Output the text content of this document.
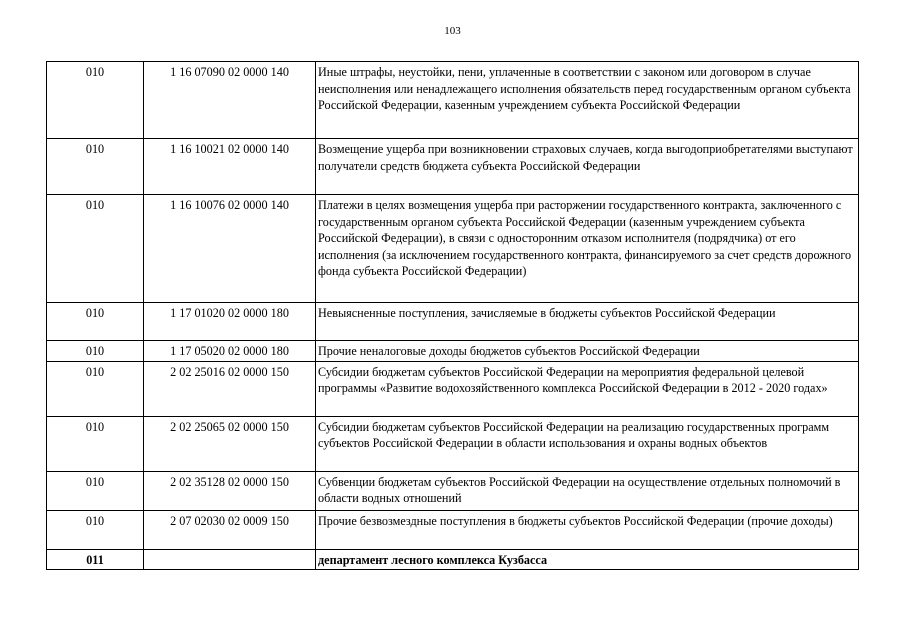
103
010	1 16 07090 02 0000 140	Иные штрафы, неустойки, пени, уплаченные в соответствии с законом или договором в случае неисполнения или ненадлежащего исполнения обязательств перед государственным органом субъекта Российской Федерации, казенным учреждением субъекта Российской Федерации
010	1 16 10021 02 0000 140	Возмещение ущерба при возникновении страховых случаев, когда выгодоприобретателями выступают получатели средств бюджета субъекта Российской Федерации
010	1 16 10076 02 0000 140	Платежи в целях возмещения ущерба при расторжении государственного контракта, заключенного с государственным органом субъекта Российской Федерации (казенным учреждением субъекта Российской Федерации), в связи с односторонним отказом исполнителя (подрядчика) от его исполнения (за исключением государственного контракта, финансируемого за счет средств дорожного фонда субъекта Российской Федерации)
010	1 17 01020 02 0000 180	Невыясненные поступления, зачисляемые в бюджеты субъектов Российской Федерации
010	1 17 05020 02 0000 180	Прочие неналоговые доходы бюджетов субъектов Российской Федерации
010	2 02 25016 02 0000 150	Субсидии бюджетам субъектов Российской Федерации на мероприятия федеральной целевой программы «Развитие водохозяйственного комплекса Российской Федерации в 2012 - 2020 годах»
010	2 02 25065 02 0000 150	Субсидии бюджетам субъектов Российской Федерации на реализацию государственных программ субъектов Российской Федерации в области использования и охраны водных объектов
010	2 02 35128 02 0000 150	Субвенции бюджетам субъектов Российской Федерации на осуществление отдельных полномочий в области водных отношений
010	2 07 02030 02 0009 150	Прочие безвозмездные поступления в бюджеты субъектов Российской Федерации (прочие доходы)
011		департамент лесного комплекса Кузбасса
